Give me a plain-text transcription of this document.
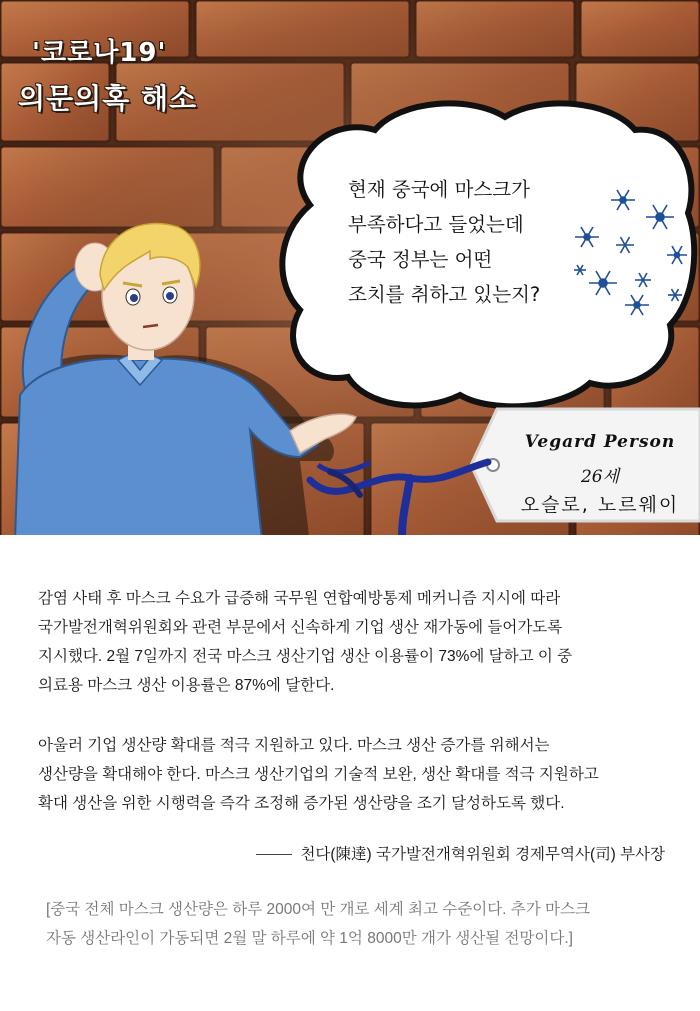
'코로나19'
의문의혹 해소
현재 중국에 마스크가
부족하다고 들었는데
중국 정부는 어떤
조치를 취하고 있는지?
Vegard Person
26세
오슬로, 노르웨이
감염 사태 후 마스크 수요가 급증해 국무원 연합예방통제 메커니즘 지시에 따라
국가발전개혁위원회와 관련 부문에서 신속하게 기업 생산 재가동에 들어가도록
지시했다. 2월 7일까지 전국 마스크 생산기업 생산 이용률이 73%에 달하고 이 중
의료용 마스크 생산 이용률은 87%에 달한다.
아울러 기업 생산량 확대를 적극 지원하고 있다. 마스크 생산 증가를 위해서는
생산량을 확대해야 한다. 마스크 생산기업의 기술적 보완, 생산 확대를 적극 지원하고
확대 생산을 위한 시행력을 즉각 조정해 증가된 생산량을 조기 달성하도록 했다.
천다(陳達) 국가발전개혁위원회 경제무역사(司) 부사장
[중국 전체 마스크 생산량은 하루 2000여 만 개로 세계 최고 수준이다. 추가 마스크
자동 생산라인이 가동되면 2월 말 하루에 약 1억 8000만 개가 생산될 전망이다.]
